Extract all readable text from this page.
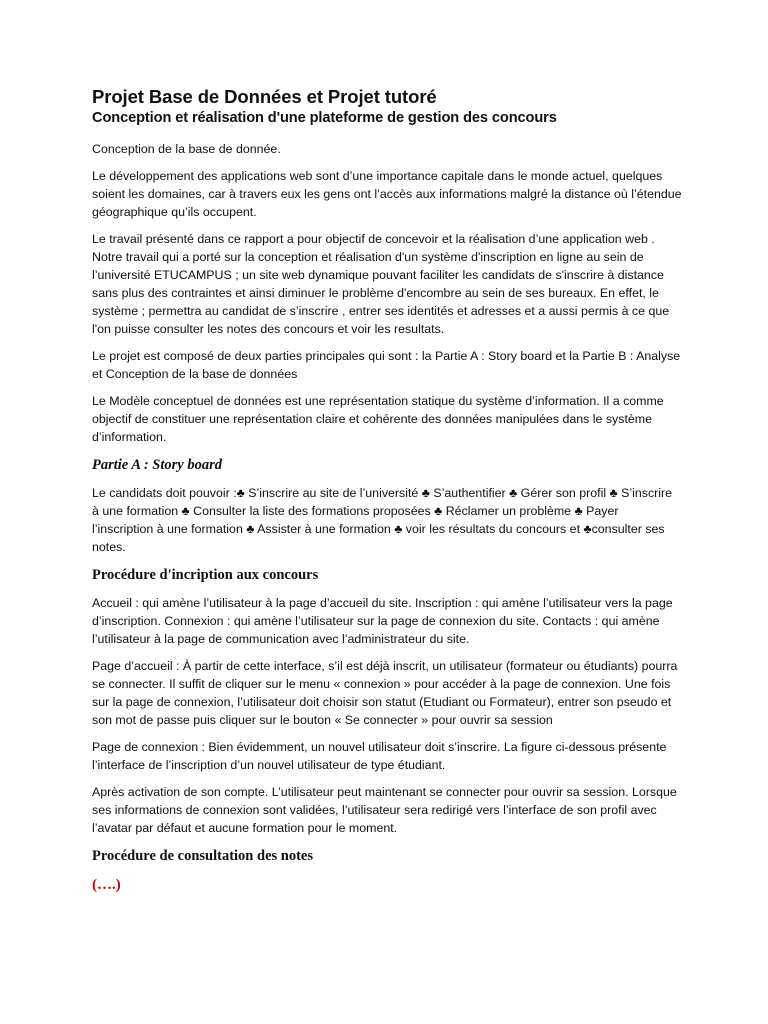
Projet Base de Données et Projet tutoré
Conception et réalisation d'une plateforme de gestion des concours

Conception de la base de donnée.

Le développement des applications web sont d’une importance capitale dans le monde actuel, quelques soient les domaines, car à travers eux les gens ont l’accès aux informations malgré la distance où l’étendue géographique qu’ils occupent.

Le travail présenté dans ce rapport a pour objectif de concevoir et la réalisation d’une application web . Notre travail qui a porté sur la conception et réalisation d'un système d'inscription en ligne au sein de l’université ETUCAMPUS ; un site web dynamique pouvant faciliter les candidats de s'inscrire à distance sans plus des contraintes et ainsi diminuer le problème d'encombre au sein de ses bureaux. En effet, le système ; permettra au candidat de s’inscrire , entrer ses identités et adresses et a aussi permis à ce que l'on puisse consulter les notes des concours et voir les resultats.

Le projet est composé de deux parties principales qui sont : la Partie A : Story board et la Partie B : Analyse et Conception de la base de données

Le Modèle conceptuel de données est une représentation statique du système d’information. Il a comme objectif de constituer une représentation claire et cohérente des données manipulées dans le système d’information.

Partie A : Story board

Le candidats doit pouvoir :♣ S’inscrire au site de l’université ♣ S’authentifier ♣ Gérer son profil ♣ S’inscrire à une formation ♣ Consulter la liste des formations proposées ♣ Réclamer un problème ♣ Payer l’inscription à une formation ♣ Assister à une formation ♣ voir les résultats du concours et ♣consulter ses notes.

Procédure d'incription aux concours

Accueil : qui amène l’utilisateur à la page d’accueil du site. Inscription : qui amène l’utilisateur vers la page d’inscription. Connexion : qui amène l’utilisateur sur la page de connexion du site. Contacts : qui amène l’utilisateur à la page de communication avec l’administrateur du site.

Page d’accueil : À partir de cette interface, s’il est déjà inscrit, un utilisateur (formateur ou étudiants) pourra se connecter. Il suffit de cliquer sur le menu « connexion » pour accéder à la page de connexion. Une fois sur la page de connexion, l’utilisateur doit choisir son statut (Etudiant ou Formateur), entrer son pseudo et son mot de passe puis cliquer sur le bouton « Se connecter » pour ouvrir sa session

Page de connexion : Bien évidemment, un nouvel utilisateur doit s’inscrire. La figure ci-dessous présente l’interface de l’inscription d’un nouvel utilisateur de type étudiant.

Après activation de son compte. L’utilisateur peut maintenant se connecter pour ouvrir sa session. Lorsque ses informations de connexion sont validées, l’utilisateur sera redirigé vers l’interface de son profil avec l’avatar par défaut et aucune formation pour le moment.

Procédure de consultation des notes
(….)
